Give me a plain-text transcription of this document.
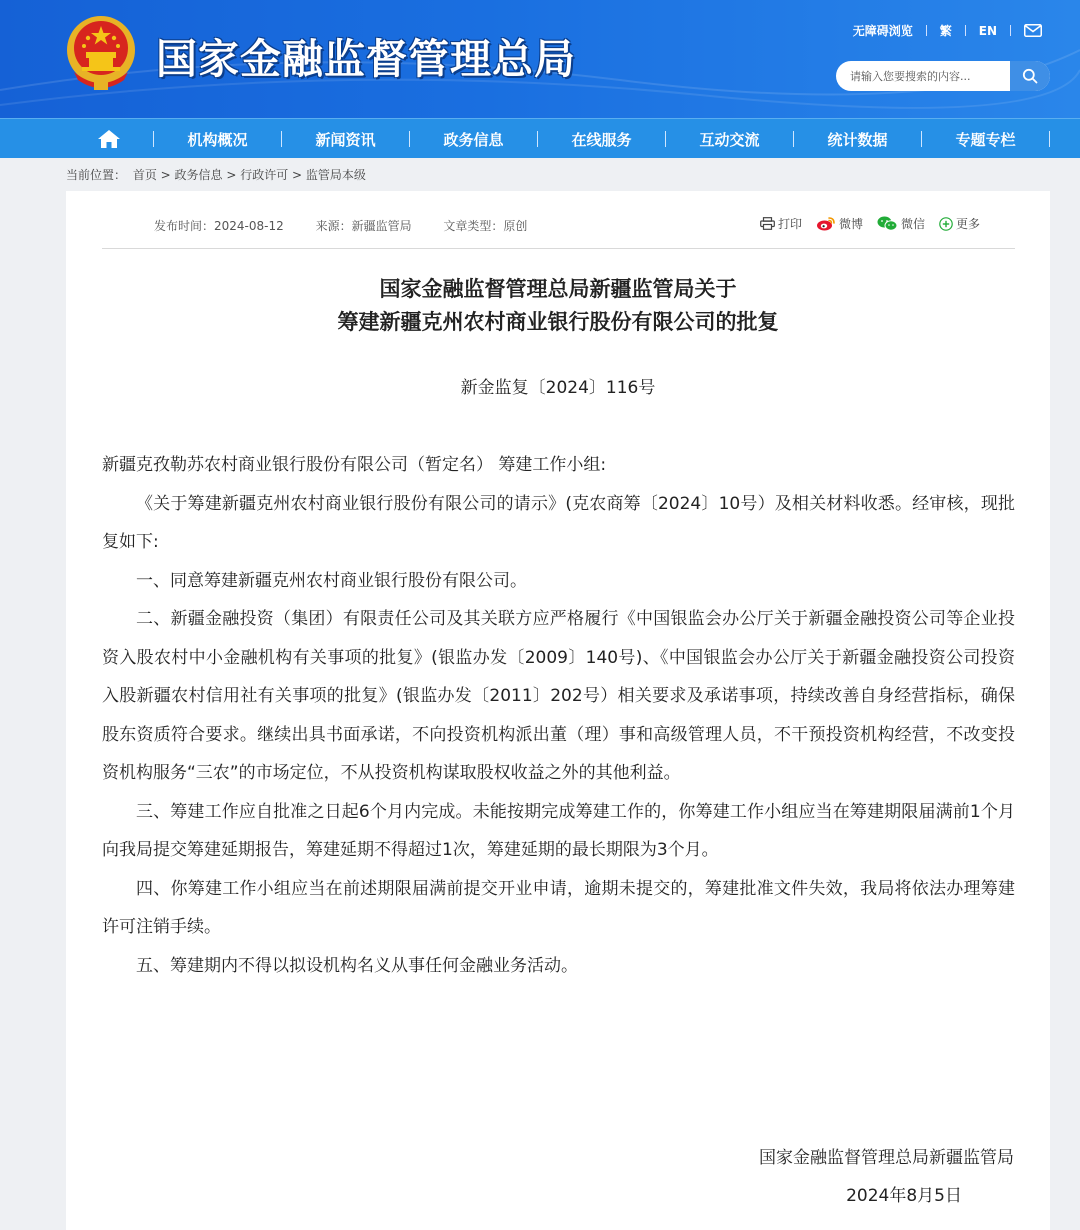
国家金融监督管理总局
无障碍浏览 繁 EN
请输入您要搜索的内容...
机构概况	新闻资讯	政务信息	在线服务	互动交流	统计数据	专题专栏
当前位置： 首页 > 政务信息 > 行政许可 > 监管局本级
发布时间：2024-08-12	来源：新疆监管局	文章类型：原创	打印	微博	微信	更多
国家金融监督管理总局新疆监管局关于
筹建新疆克州农村商业银行股份有限公司的批复
新金监复〔2024〕116号

新疆克孜勒苏农村商业银行股份有限公司（暂定名） 筹建工作小组:

《关于筹建新疆克州农村商业银行股份有限公司的请示》(克农商筹〔2024〕10号）及相关材料收悉。经审核，现批复如下:

一、同意筹建新疆克州农村商业银行股份有限公司。

二、新疆金融投资（集团）有限责任公司及其关联方应严格履行《中国银监会办公厅关于新疆金融投资公司等企业投资入股农村中小金融机构有关事项的批复》(银监办发〔2009〕140号)、《中国银监会办公厅关于新疆金融投资公司投资入股新疆农村信用社有关事项的批复》(银监办发〔2011〕202号）相关要求及承诺事项，持续改善自身经营指标，确保股东资质符合要求。继续出具书面承诺，不向投资机构派出董（理）事和高级管理人员，不干预投资机构经营，不改变投资机构服务“三农”的市场定位，不从投资机构谋取股权收益之外的其他利益。

三、筹建工作应自批准之日起6个月内完成。未能按期完成筹建工作的，你筹建工作小组应当在筹建期限届满前1个月向我局提交筹建延期报告，筹建延期不得超过1次，筹建延期的最长期限为3个月。

四、你筹建工作小组应当在前述期限届满前提交开业申请，逾期未提交的，筹建批准文件失效，我局将依法办理筹建许可注销手续。

五、筹建期内不得以拟设机构名义从事任何金融业务活动。

国家金融监督管理总局新疆监管局
2024年8月5日
